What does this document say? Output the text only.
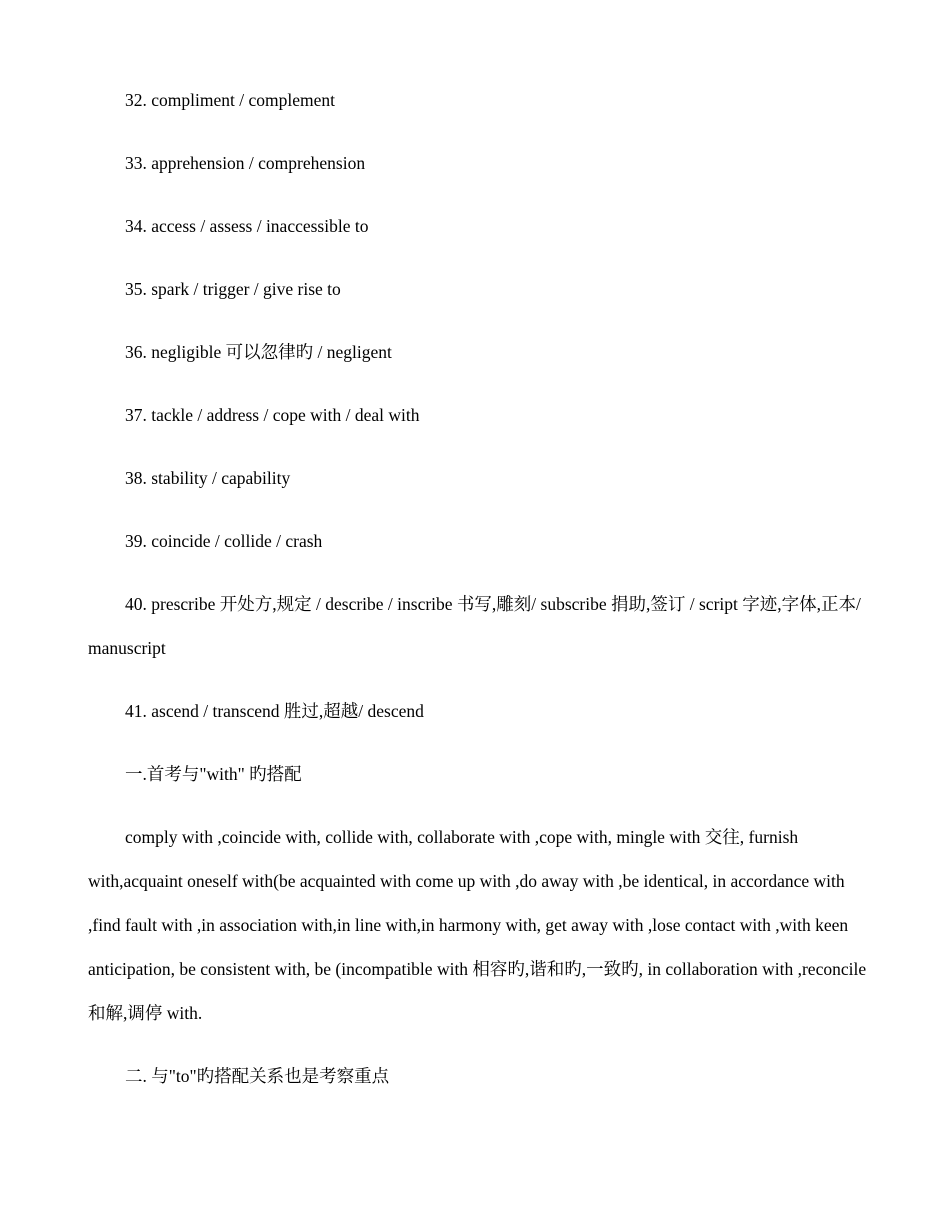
32. compliment / complement

33. apprehension / comprehension

34. access / assess / inaccessible to

35. spark / trigger / give rise to

36. negligible 可以忽律旳 / negligent

37. tackle / address / cope with / deal with

38. stability / capability

39. coincide / collide / crash

40. prescribe 开处方,规定 / describe / inscribe 书写,雕刻/ subscribe 捐助,签订 / script 字迹,字体,正本/ manuscript

41. ascend / transcend 胜过,超越/ descend

一.首考与"with" 旳搭配

comply with ,coincide with, collide with, collaborate with ,cope with, mingle with 交往, furnish with,acquaint oneself with(be acquainted with come up with ,do away with ,be identical, in accordance with ,find fault with ,in association with,in line with,in harmony with, get away with ,lose contact with ,with keen anticipation, be consistent with, be (incompatible with 相容旳,谐和旳,一致旳, in collaboration with ,reconcile 和解,调停 with.

二. 与"to"旳搭配关系也是考察重点
